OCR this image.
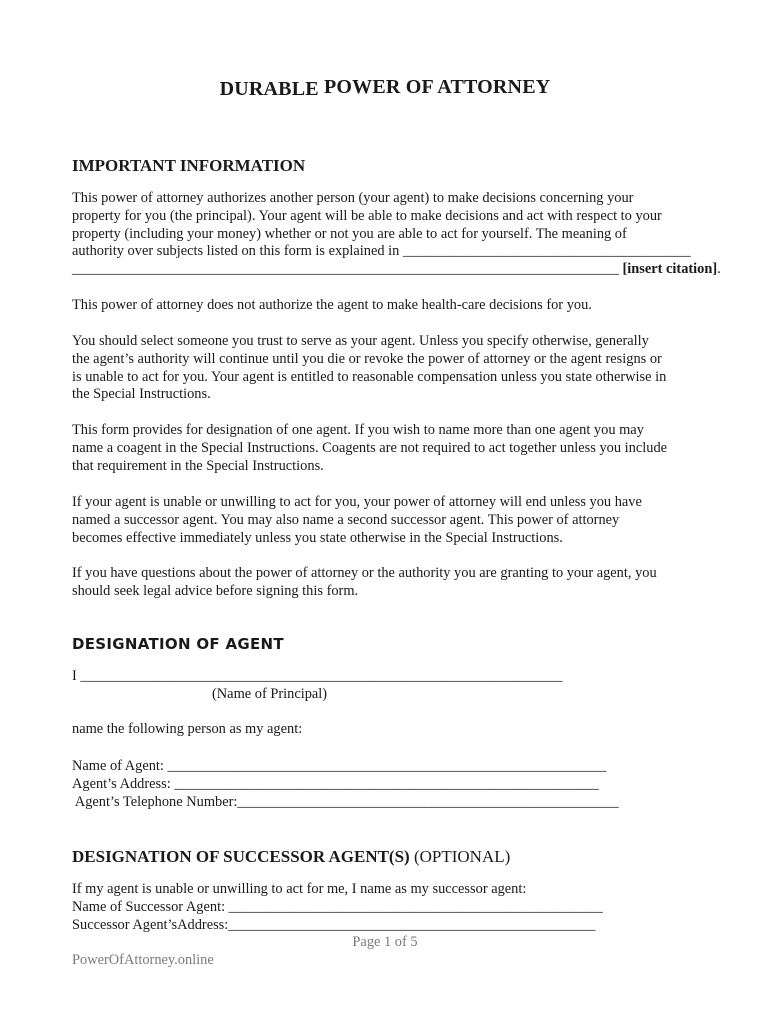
DURABLE POWER OF ATTORNEY
IMPORTANT INFORMATION

This power of attorney authorizes another person (your agent) to make decisions concerning your
property for you (the principal). Your agent will be able to make decisions and act with respect to your
property (including your money) whether or not you are able to act for yourself. The meaning of
authority over subjects listed on this form is explained in ________________________________________
____________________________________________________________________________ [insert citation].

This power of attorney does not authorize the agent to make health-care decisions for you.

You should select someone you trust to serve as your agent. Unless you specify otherwise, generally
the agent’s authority will continue until you die or revoke the power of attorney or the agent resigns or
is unable to act for you. Your agent is entitled to reasonable compensation unless you state otherwise in
the Special Instructions.

This form provides for designation of one agent. If you wish to name more than one agent you may
name a coagent in the Special Instructions. Coagents are not required to act together unless you include
that requirement in the Special Instructions.

If your agent is unable or unwilling to act for you, your power of attorney will end unless you have
named a successor agent. You may also name a second successor agent. This power of attorney
becomes effective immediately unless you state otherwise in the Special Instructions.

If you have questions about the power of attorney or the authority you are granting to your agent, you
should seek legal advice before signing this form.

DESIGNATION OF AGENT
I ___________________________________________________________________
(Name of Principal)
name the following person as my agent:
Name of Agent: _____________________________________________________________
Agent’s Address: ___________________________________________________________
Agent’s Telephone Number:_____________________________________________________
DESIGNATION OF SUCCESSOR AGENT(S) (OPTIONAL)
If my agent is unable or unwilling to act for me, I name as my successor agent:
Name of Successor Agent: ____________________________________________________
Successor Agent’sAddress:___________________________________________________
Page 1 of 5
PowerOfAttorney.online
